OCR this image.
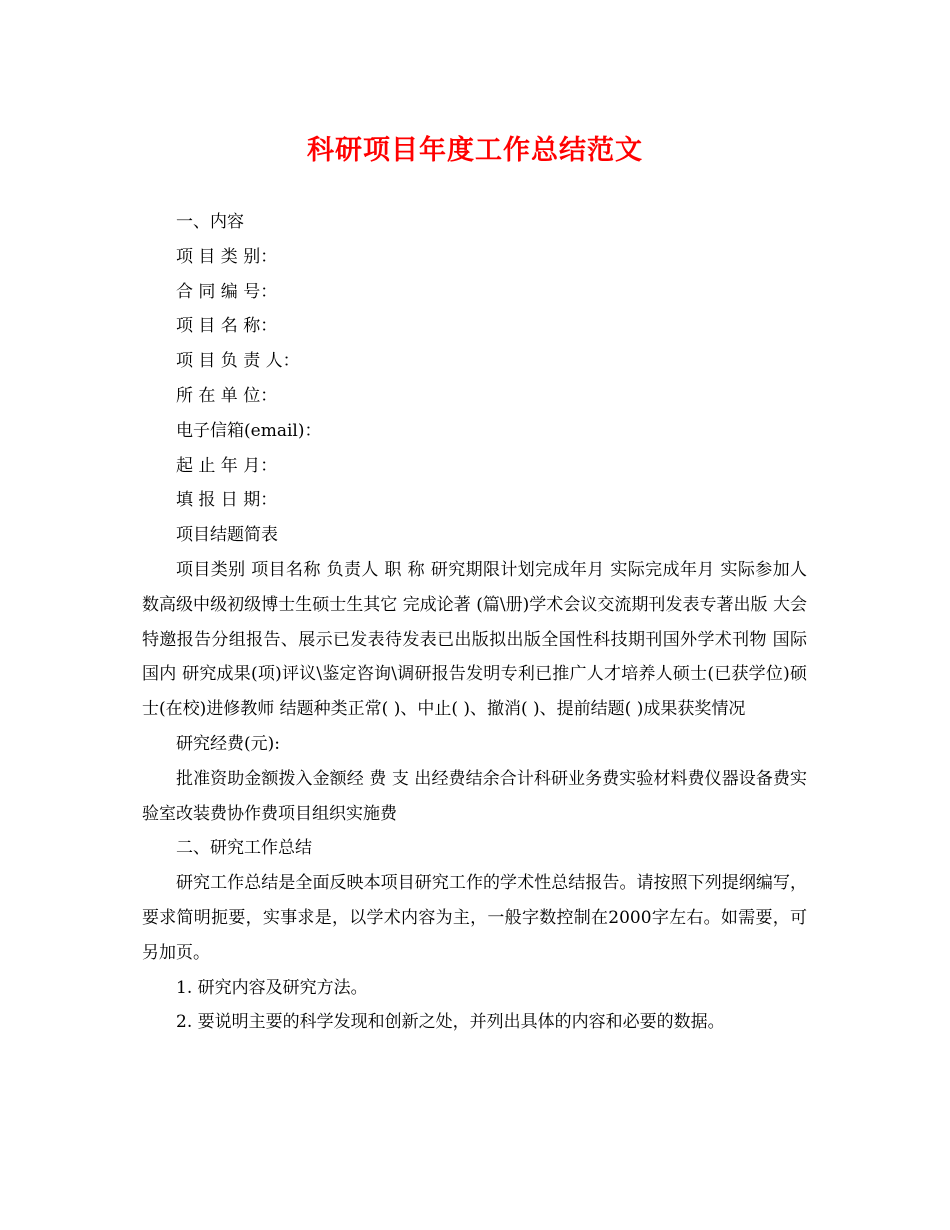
科研项目年度工作总结范文

一、内容

项 目 类 别：

合 同 编 号：

项 目 名 称：

项 目 负 责 人：

所 在 单 位：

电子信箱(email)：

起 止 年 月：

填 报 日 期：

项目结题简表

项目类别 项目名称 负责人 职 称 研究期限计划完成年月 实际完成年月 实际参加人数高级中级初级博士生硕士生其它 完成论著 (篇\册)学术会议交流期刊发表专著出版 大会特邀报告分组报告、展示已发表待发表已出版拟出版全国性科技期刊国外学术刊物 国际 国内 研究成果(项)评议\鉴定咨询\调研报告发明专利已推广人才培养人硕士(已获学位)硕士(在校)进修教师 结题种类正常( )、中止( )、撤消( )、提前结题( )成果获奖情况

研究经费(元):

批准资助金额拨入金额经 费 支 出经费结余合计科研业务费实验材料费仪器设备费实验室改装费协作费项目组织实施费

二、研究工作总结

研究工作总结是全面反映本项目研究工作的学术性总结报告。请按照下列提纲编写，要求简明扼要，实事求是，以学术内容为主，一般字数控制在2000字左右。如需要，可另加页。

1. 研究内容及研究方法。

2. 要说明主要的科学发现和创新之处，并列出具体的内容和必要的数据。
